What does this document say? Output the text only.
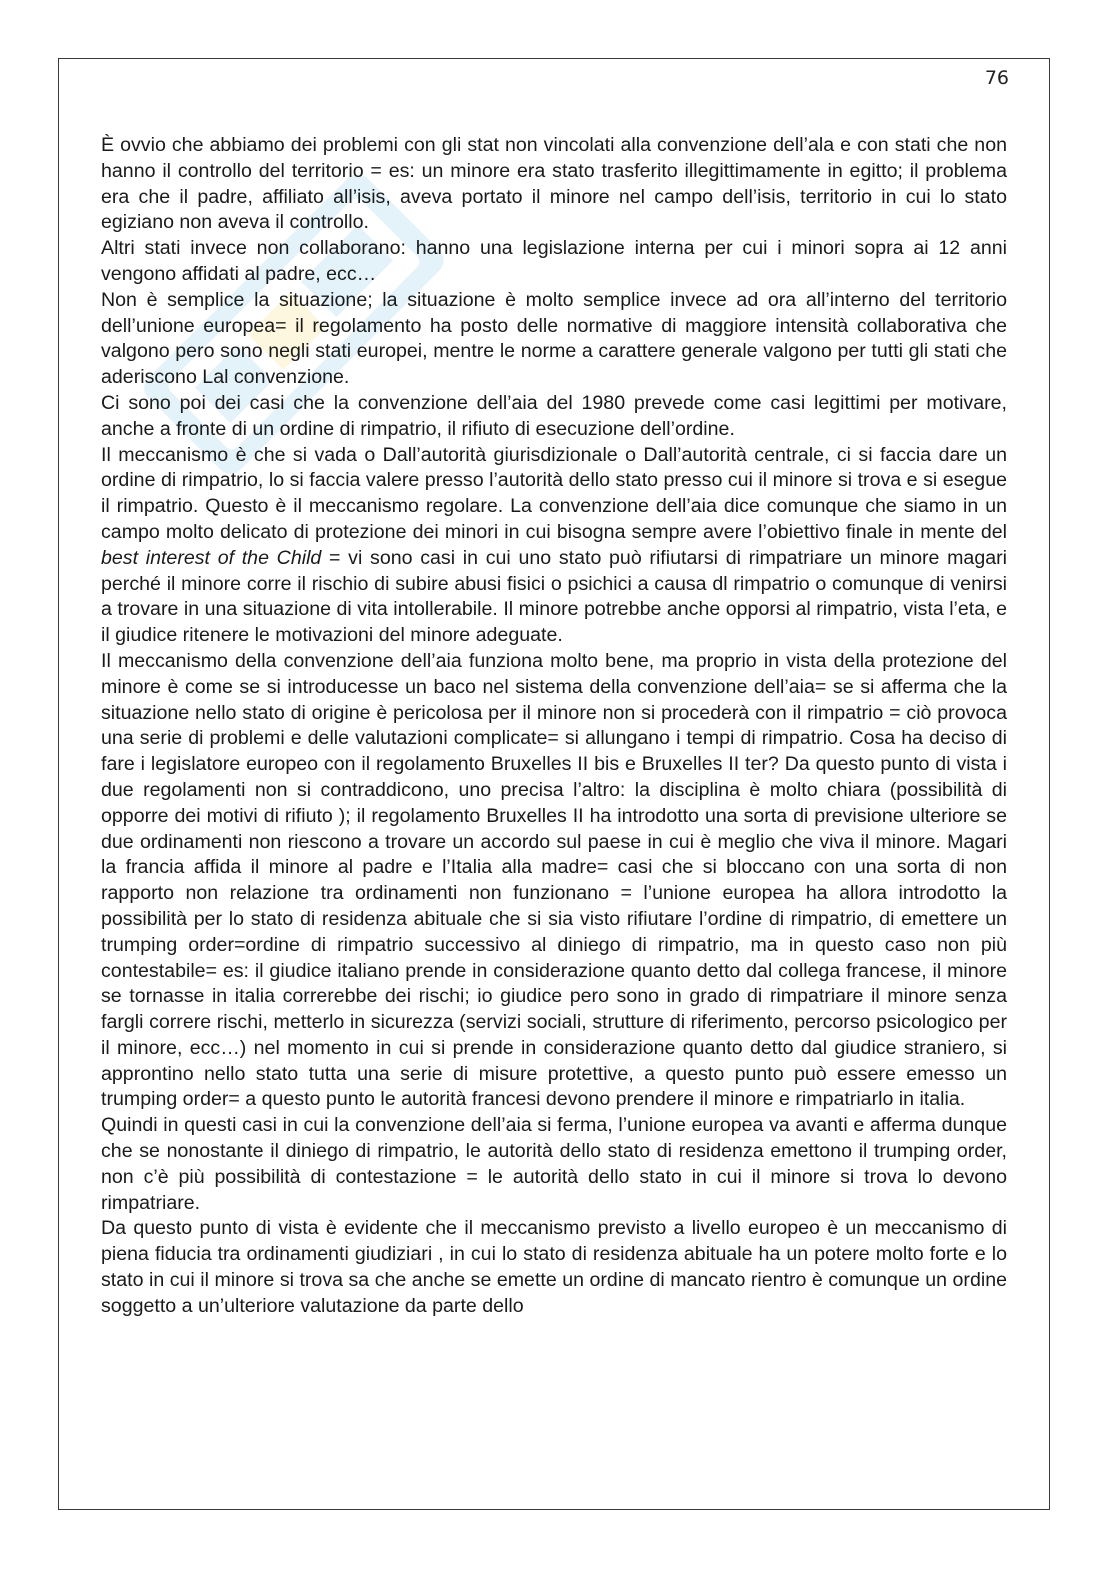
76

È ovvio che abbiamo dei problemi con gli stat non vincolati alla convenzione dell’ala e con stati che non hanno il controllo del territorio = es: un minore era stato trasferito illegittimamente in egitto; il problema era che il padre, affiliato all’isis, aveva portato il minore nel campo dell’isis, territorio in cui lo stato egiziano non aveva il controllo.

Altri stati invece non collaborano: hanno una legislazione interna per cui i minori sopra ai 12 anni vengono affidati al padre, ecc…

Non è semplice la situazione; la situazione è molto semplice invece ad ora all’interno del territorio dell’unione europea= il regolamento ha posto delle normative di maggiore intensità collaborativa che valgono pero sono negli stati europei, mentre le norme a carattere generale valgono per tutti gli stati che aderiscono Lal convenzione.

Ci sono poi dei casi che la convenzione dell’aia del 1980 prevede come casi legittimi per motivare, anche a fronte di un ordine di rimpatrio, il rifiuto di esecuzione dell’ordine.

Il meccanismo è che si vada o Dall’autorità giurisdizionale o Dall’autorità centrale, ci si faccia dare un ordine di rimpatrio, lo si faccia valere presso l’autorità dello stato presso cui il minore si trova e si esegue il rimpatrio. Questo è il meccanismo regolare. La convenzione dell’aia dice comunque che siamo in un campo molto delicato di protezione dei minori in cui bisogna sempre avere l’obiettivo finale in mente del best interest of the Child = vi sono casi in cui uno stato può rifiutarsi di rimpatriare un minore magari perché il minore corre il rischio di subire abusi fisici o psichici a causa dl rimpatrio o comunque di venirsi a trovare in una situazione di vita intollerabile. Il minore potrebbe anche opporsi al rimpatrio, vista l’eta, e il giudice ritenere le motivazioni del minore adeguate.

Il meccanismo della convenzione dell’aia funziona molto bene, ma proprio in vista della protezione del minore è come se si introducesse un baco nel sistema della convenzione dell’aia= se si afferma che la situazione nello stato di origine è pericolosa per il minore non si procederà con il rimpatrio = ciò provoca una serie di problemi e delle valutazioni complicate= si allungano i tempi di rimpatrio. Cosa ha deciso di fare i legislatore europeo con il regolamento Bruxelles II bis e Bruxelles II ter? Da questo punto di vista i due regolamenti non si contraddicono, uno precisa l’altro: la disciplina è molto chiara (possibilità di opporre dei motivi di rifiuto ); il regolamento Bruxelles II ha introdotto una sorta di previsione ulteriore se due ordinamenti non riescono a trovare un accordo sul paese in cui è meglio che viva il minore. Magari la francia affida il minore al padre e l’Italia alla madre= casi che si bloccano con una sorta di non rapporto non relazione tra ordinamenti non funzionano = l’unione europea ha allora introdotto la possibilità per lo stato di residenza abituale che si sia visto rifiutare l’ordine di rimpatrio, di emettere un trumping order=ordine di rimpatrio successivo al diniego di rimpatrio, ma in questo caso non più contestabile= es: il giudice italiano prende in considerazione quanto detto dal collega francese, il minore se tornasse in italia correrebbe dei rischi; io giudice pero sono in grado di rimpatriare il minore senza fargli correre rischi, metterlo in sicurezza (servizi sociali, strutture di riferimento, percorso psicologico per il minore, ecc…) nel momento in cui si prende in considerazione quanto detto dal giudice straniero, si approntino nello stato tutta una serie di misure protettive, a questo punto può essere emesso un trumping order= a questo punto le autorità francesi devono prendere il minore e rimpatriarlo in italia.

Quindi in questi casi in cui la convenzione dell’aia si ferma, l’unione europea va avanti e afferma dunque che se nonostante il diniego di rimpatrio, le autorità dello stato di residenza emettono il trumping order, non c’è più possibilità di contestazione = le autorità dello stato in cui il minore si trova lo devono rimpatriare.

Da questo punto di vista è evidente che il meccanismo previsto a livello europeo è un meccanismo di piena fiducia tra ordinamenti giudiziari , in cui lo stato di residenza abituale ha un potere molto forte e lo stato in cui il minore si trova sa che anche se emette un ordine di mancato rientro è comunque un ordine soggetto a un’ulteriore valutazione da parte dello
